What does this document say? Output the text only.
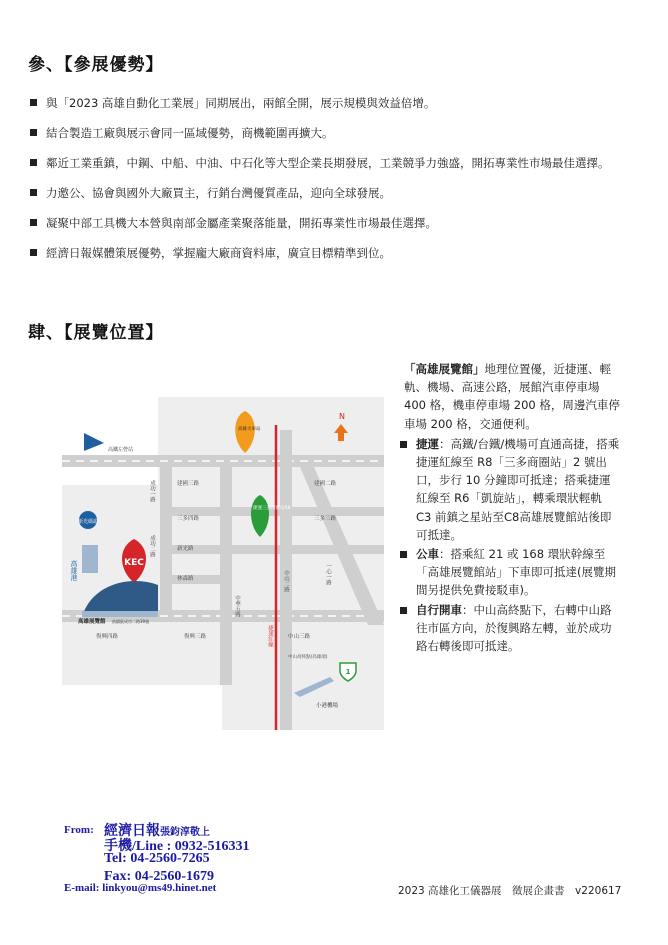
參、【參展優勢】
與「2023 高雄自動化工業展」同期展出，兩館全開，展示規模與效益倍增。
結合製造工廠與展示會同一區域優勢，商機範圍再擴大。
鄰近工業重鎮，中鋼、中船、中油、中石化等大型企業長期發展，工業競爭力強盛，開拓專業性市場最佳選擇。
力邀公、協會與國外大廠買主，行銷台灣優質產品，迎向全球發展。
凝聚中部工具機大本營與南部金屬產業聚落能量，開拓專業性市場最佳選擇。
經濟日報媒體策展優勢，掌握龐大廠商資料庫，廣宣目標精準到位。
肆、【展覽位置】
N
高鐵左營站
高雄火車站
捷運三多商圈站R8
新光碼頭
高雄港	KEC
高雄展覽館 前鎮區成功二路39號
建國三路	建國二路
三多四路	三多三路
新光路
林森路
復興四路	復興三路
成功一路
成功二路
中華五路
中山二路
中山三路
一心一路
中山高終點(高雄端)
捷運紅線
1
小港機場
「高雄展覽館」地理位置優，近捷運、輕軌、機場、高速公路，展館汽車停車場 400 格，機車停車場 200 格，周邊汽車停車場 200 格，交通便利。
捷運：高鐵/台鐵/機場可直通高捷，搭乘捷運紅線至 R8「三多商圈站」2 號出口，步行 10 分鐘即可抵達；搭乘捷運紅線至 R6「凱旋站」，轉乘環狀輕軌 C3 前鎮之星站至C8高雄展覽館站後即可抵達。
公車：搭乘紅 21 或 168 環狀幹線至「高雄展覽館站」下車即可抵達(展覽期間另提供免費接駁車)。
自行開車：中山高終點下，右轉中山路往市區方向，於復興路左轉，並於成功路右轉後即可抵達。
From: 經濟日報張鈞淳敬上
手機/Line : 0932-516331
Tel: 04-2560-7265
Fax: 04-2560-1679
E-mail: linkyou@ms49.hinet.net	2023 高雄化工儀器展　徵展企畫書　v220617
